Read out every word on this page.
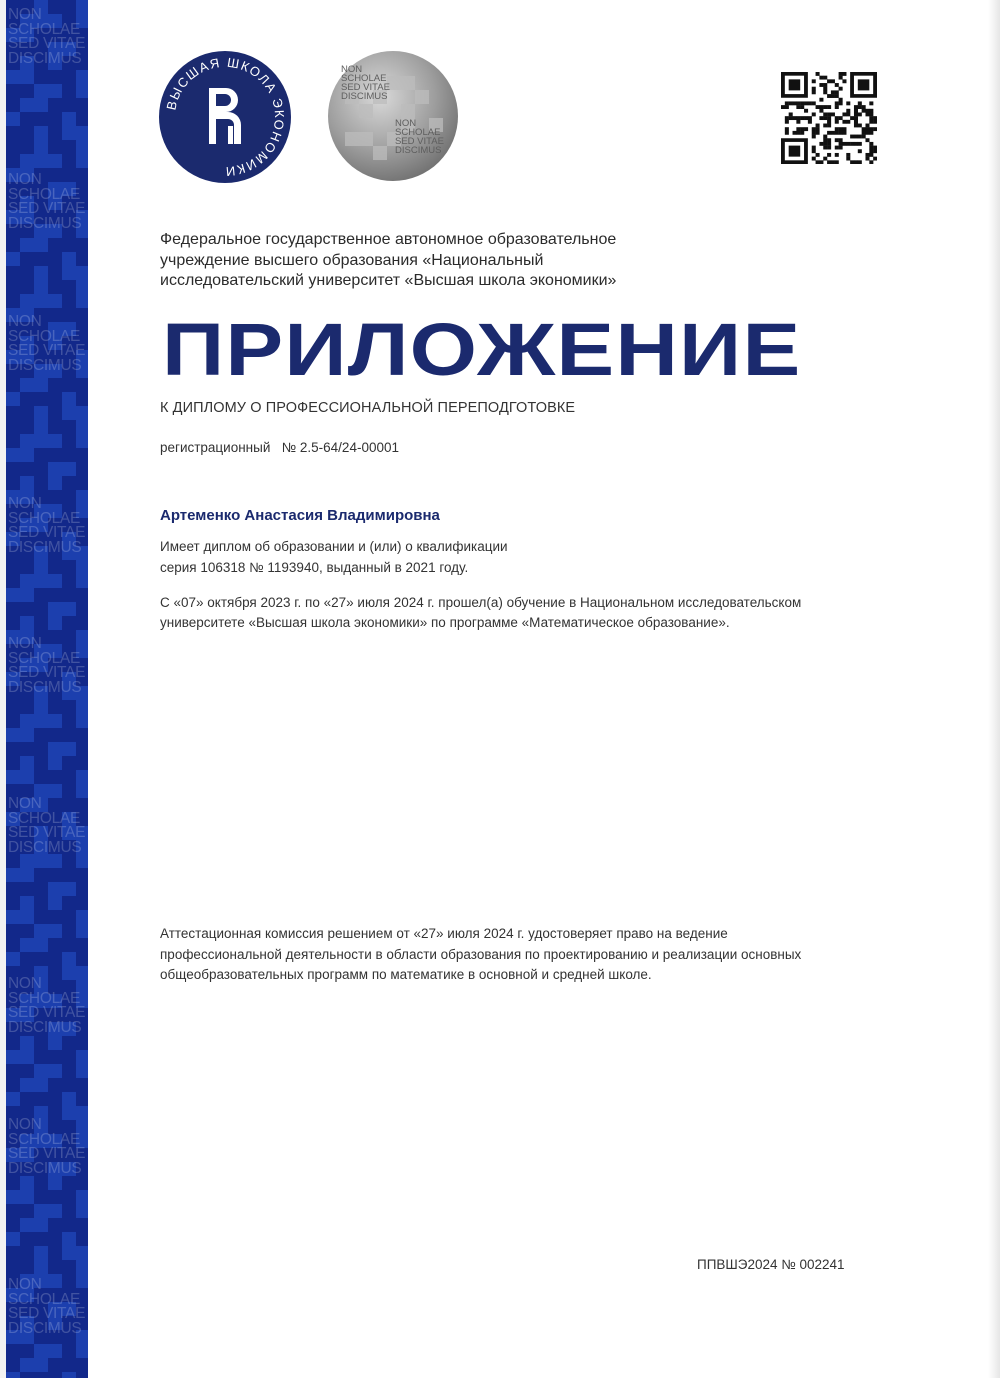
NON
SCHOLAE
SED VITAE
DISCIMUS
NON
SCHOLAE
SED VITAE
DISCIMUS
NON
SCHOLAE
SED VITAE
DISCIMUS
NON
SCHOLAE
SED VITAE
DISCIMUS
NON
SCHOLAE
SED VITAE
DISCIMUS
NON
SCHOLAE
SED VITAE
DISCIMUS
NON
SCHOLAE
SED VITAE
DISCIMUS
NON
SCHOLAE
SED VITAE
DISCIMUS
NON
SCHOLAE
SED VITAE
DISCIMUS
ВЫСШАЯ ШКОЛА ЭКОНОМИКИ
NON
SCHOLAE
SED VITAE
DISCIMUS
NON
SCHOLAE
SED VITAE
DISCIMUS
Федеральное государственное автономное образовательное
учреждение высшего образования «Национальный
исследовательский университет «Высшая школа экономики»
ПРИЛОЖЕНИЕ
К ДИПЛОМУ О ПРОФЕССИОНАЛЬНОЙ ПЕРЕПОДГОТОВКЕ
регистрационный № 2.5-64/24-00001
Артеменко Анастасия Владимировна
Имеет диплом об образовании и (или) о квалификации
серия 106318 № 1193940, выданный в 2021 году.
С «07» октября 2023 г. по «27» июля 2024 г. прошел(а) обучение в Национальном исследовательском
университете «Высшая школа экономики» по программе «Математическое образование».
Аттестационная комиссия решением от «27» июля 2024 г. удостоверяет право на ведение
профессиональной деятельности в области образования по проектированию и реализации основных
общеобразовательных программ по математике в основной и средней школе.
ППВШЭ2024 № 002241
